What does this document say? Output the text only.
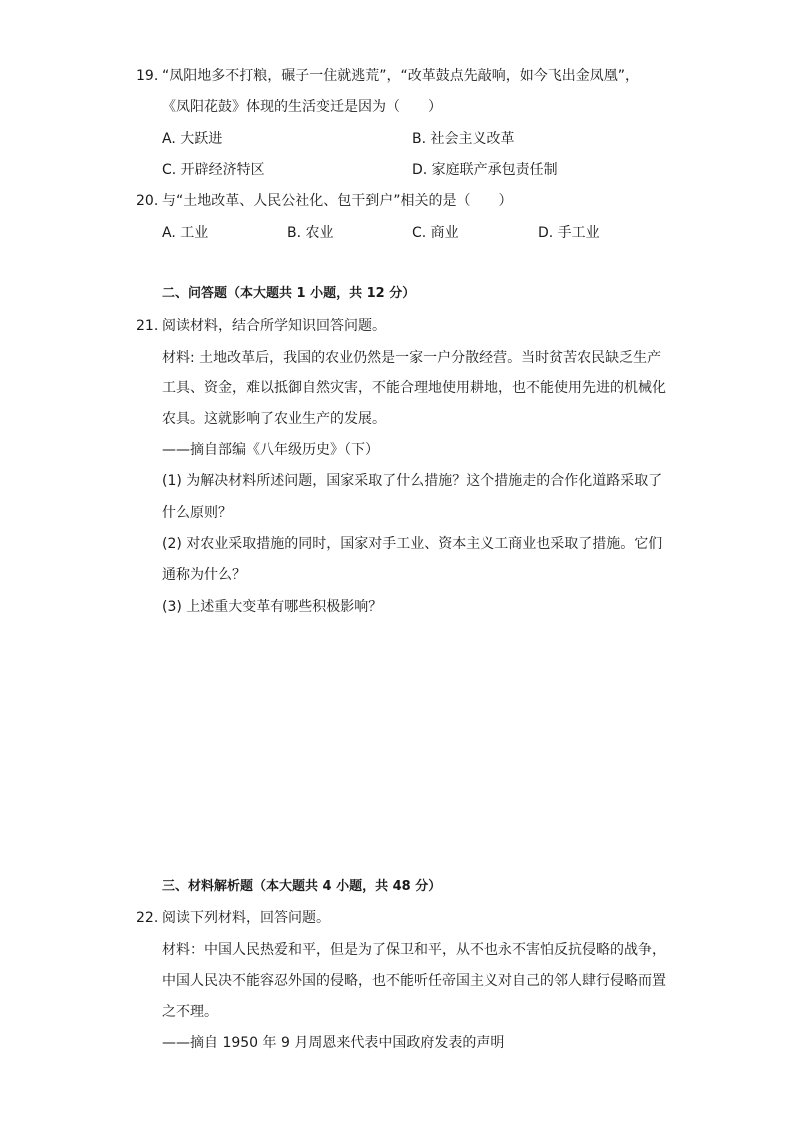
19. “凤阳地多不打粮，碾子一住就逃荒”，“改革鼓点先敲响，如今飞出金凤凰”，
《凤阳花鼓》体现的生活变迁是因为（　　）
A. 大跃进	B. 社会主义改革
C. 开辟经济特区	D. 家庭联产承包责任制
20. 与“土地改革、人民公社化、包干到户”相关的是（　　）
A. 工业	B. 农业	C. 商业	D. 手工业
二、问答题（本大题共 1 小题，共 12 分）
21. 阅读材料，结合所学知识回答问题。
材料: 土地改革后，我国的农业仍然是一家一户分散经营。当时贫苦农民缺乏生产
工具、资金，难以抵御自然灾害，不能合理地使用耕地，也不能使用先进的机械化
农具。这就影响了农业生产的发展。
——摘自部编《八年级历史》（下）
(1) 为解决材料所述问题，国家采取了什么措施？这个措施走的合作化道路采取了
什么原则？
(2) 对农业采取措施的同时，国家对手工业、资本主义工商业也采取了措施。它们
通称为什么？
(3) 上述重大变革有哪些积极影响？
三、材料解析题（本大题共 4 小题，共 48 分）
22. 阅读下列材料，回答问题。
材料：中国人民热爱和平，但是为了保卫和平，从不也永不害怕反抗侵略的战争，
中国人民决不能容忍外国的侵略，也不能听任帝国主义对自己的邻人肆行侵略而置
之不理。
——摘自 1950 年 9 月周恩来代表中国政府发表的声明
